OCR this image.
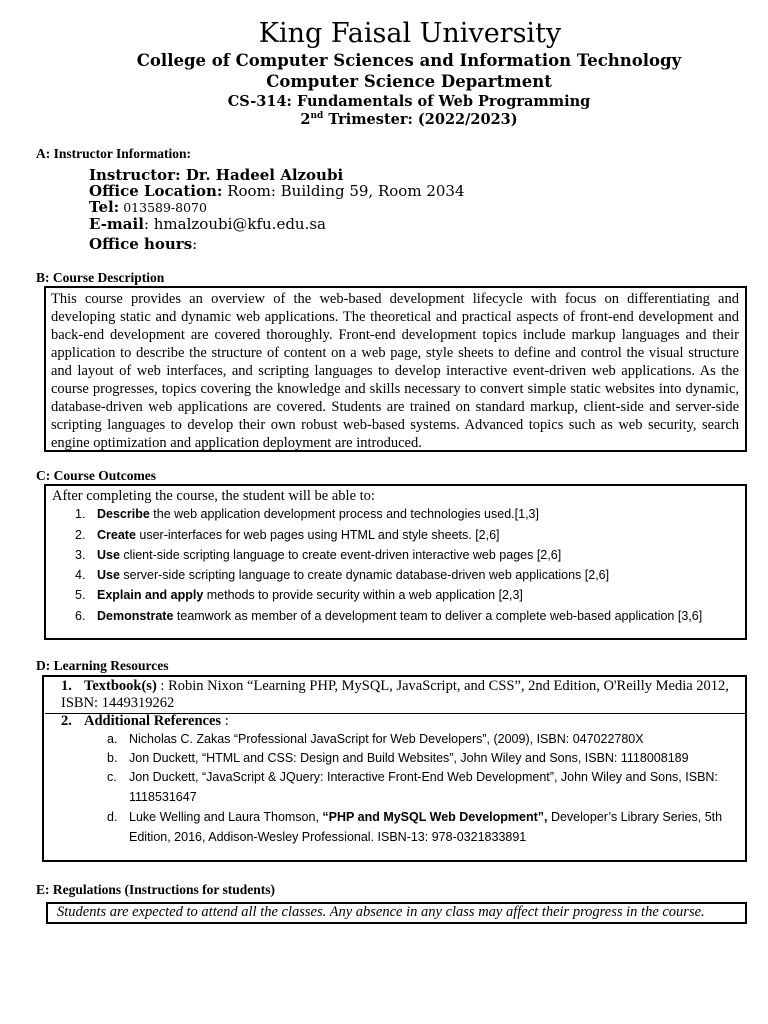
King Faisal University
College of Computer Sciences and Information Technology
Computer Science Department
CS-314: Fundamentals of Web Programming
2nd Trimester: (2022/2023)
A: Instructor Information:
Instructor: Dr. Hadeel Alzoubi
Office Location: Room: Building 59, Room 2034
Tel: 013589-8070
E-mail: hmalzoubi@kfu.edu.sa
Office hours:
B: Course Description
This course provides an overview of the web-based development lifecycle with focus on differentiating and developing static and dynamic web applications. The theoretical and practical aspects of front-end development and back-end development are covered thoroughly. Front-end development topics include markup languages and their application to describe the structure of content on a web page, style sheets to define and control the visual structure and layout of web interfaces, and scripting languages to develop interactive event-driven web applications. As the course progresses, topics covering the knowledge and skills necessary to convert simple static websites into dynamic, database-driven web applications are covered. Students are trained on standard markup, client-side and server-side scripting languages to develop their own robust web-based systems. Advanced topics such as web security, search engine optimization and application deployment are introduced.
C: Course Outcomes
After completing the course, the student will be able to:
1. Describe the web application development process and technologies used.[1,3]
2. Create user-interfaces for web pages using HTML and style sheets. [2,6]
3. Use client-side scripting language to create event-driven interactive web pages [2,6]
4. Use server-side scripting language to create dynamic database-driven web applications [2,6]
5. Explain and apply methods to provide security within a web application [2,3]
6. Demonstrate teamwork as member of a development team to deliver a complete web-based application [3,6]
D: Learning Resources
1. Textbook(s) : Robin Nixon “Learning PHP, MySQL, JavaScript, and CSS”, 2nd Edition, O'Reilly Media 2012, ISBN: 1449319262
2. Additional References :
a. Nicholas C. Zakas “Professional JavaScript for Web Developers”, (2009), ISBN: 047022780X
b. Jon Duckett, “HTML and CSS: Design and Build Websites”, John Wiley and Sons, ISBN: 1118008189
c. Jon Duckett, “JavaScript & JQuery: Interactive Front-End Web Development”, John Wiley and Sons, ISBN:
1118531647
d. Luke Welling and Laura Thomson, “PHP and MySQL Web Development”, Developer’s Library Series, 5th
Edition, 2016, Addison-Wesley Professional. ISBN-13: 978-0321833891
E: Regulations (Instructions for students)
Students are expected to attend all the classes. Any absence in any class may affect their progress in the course.
